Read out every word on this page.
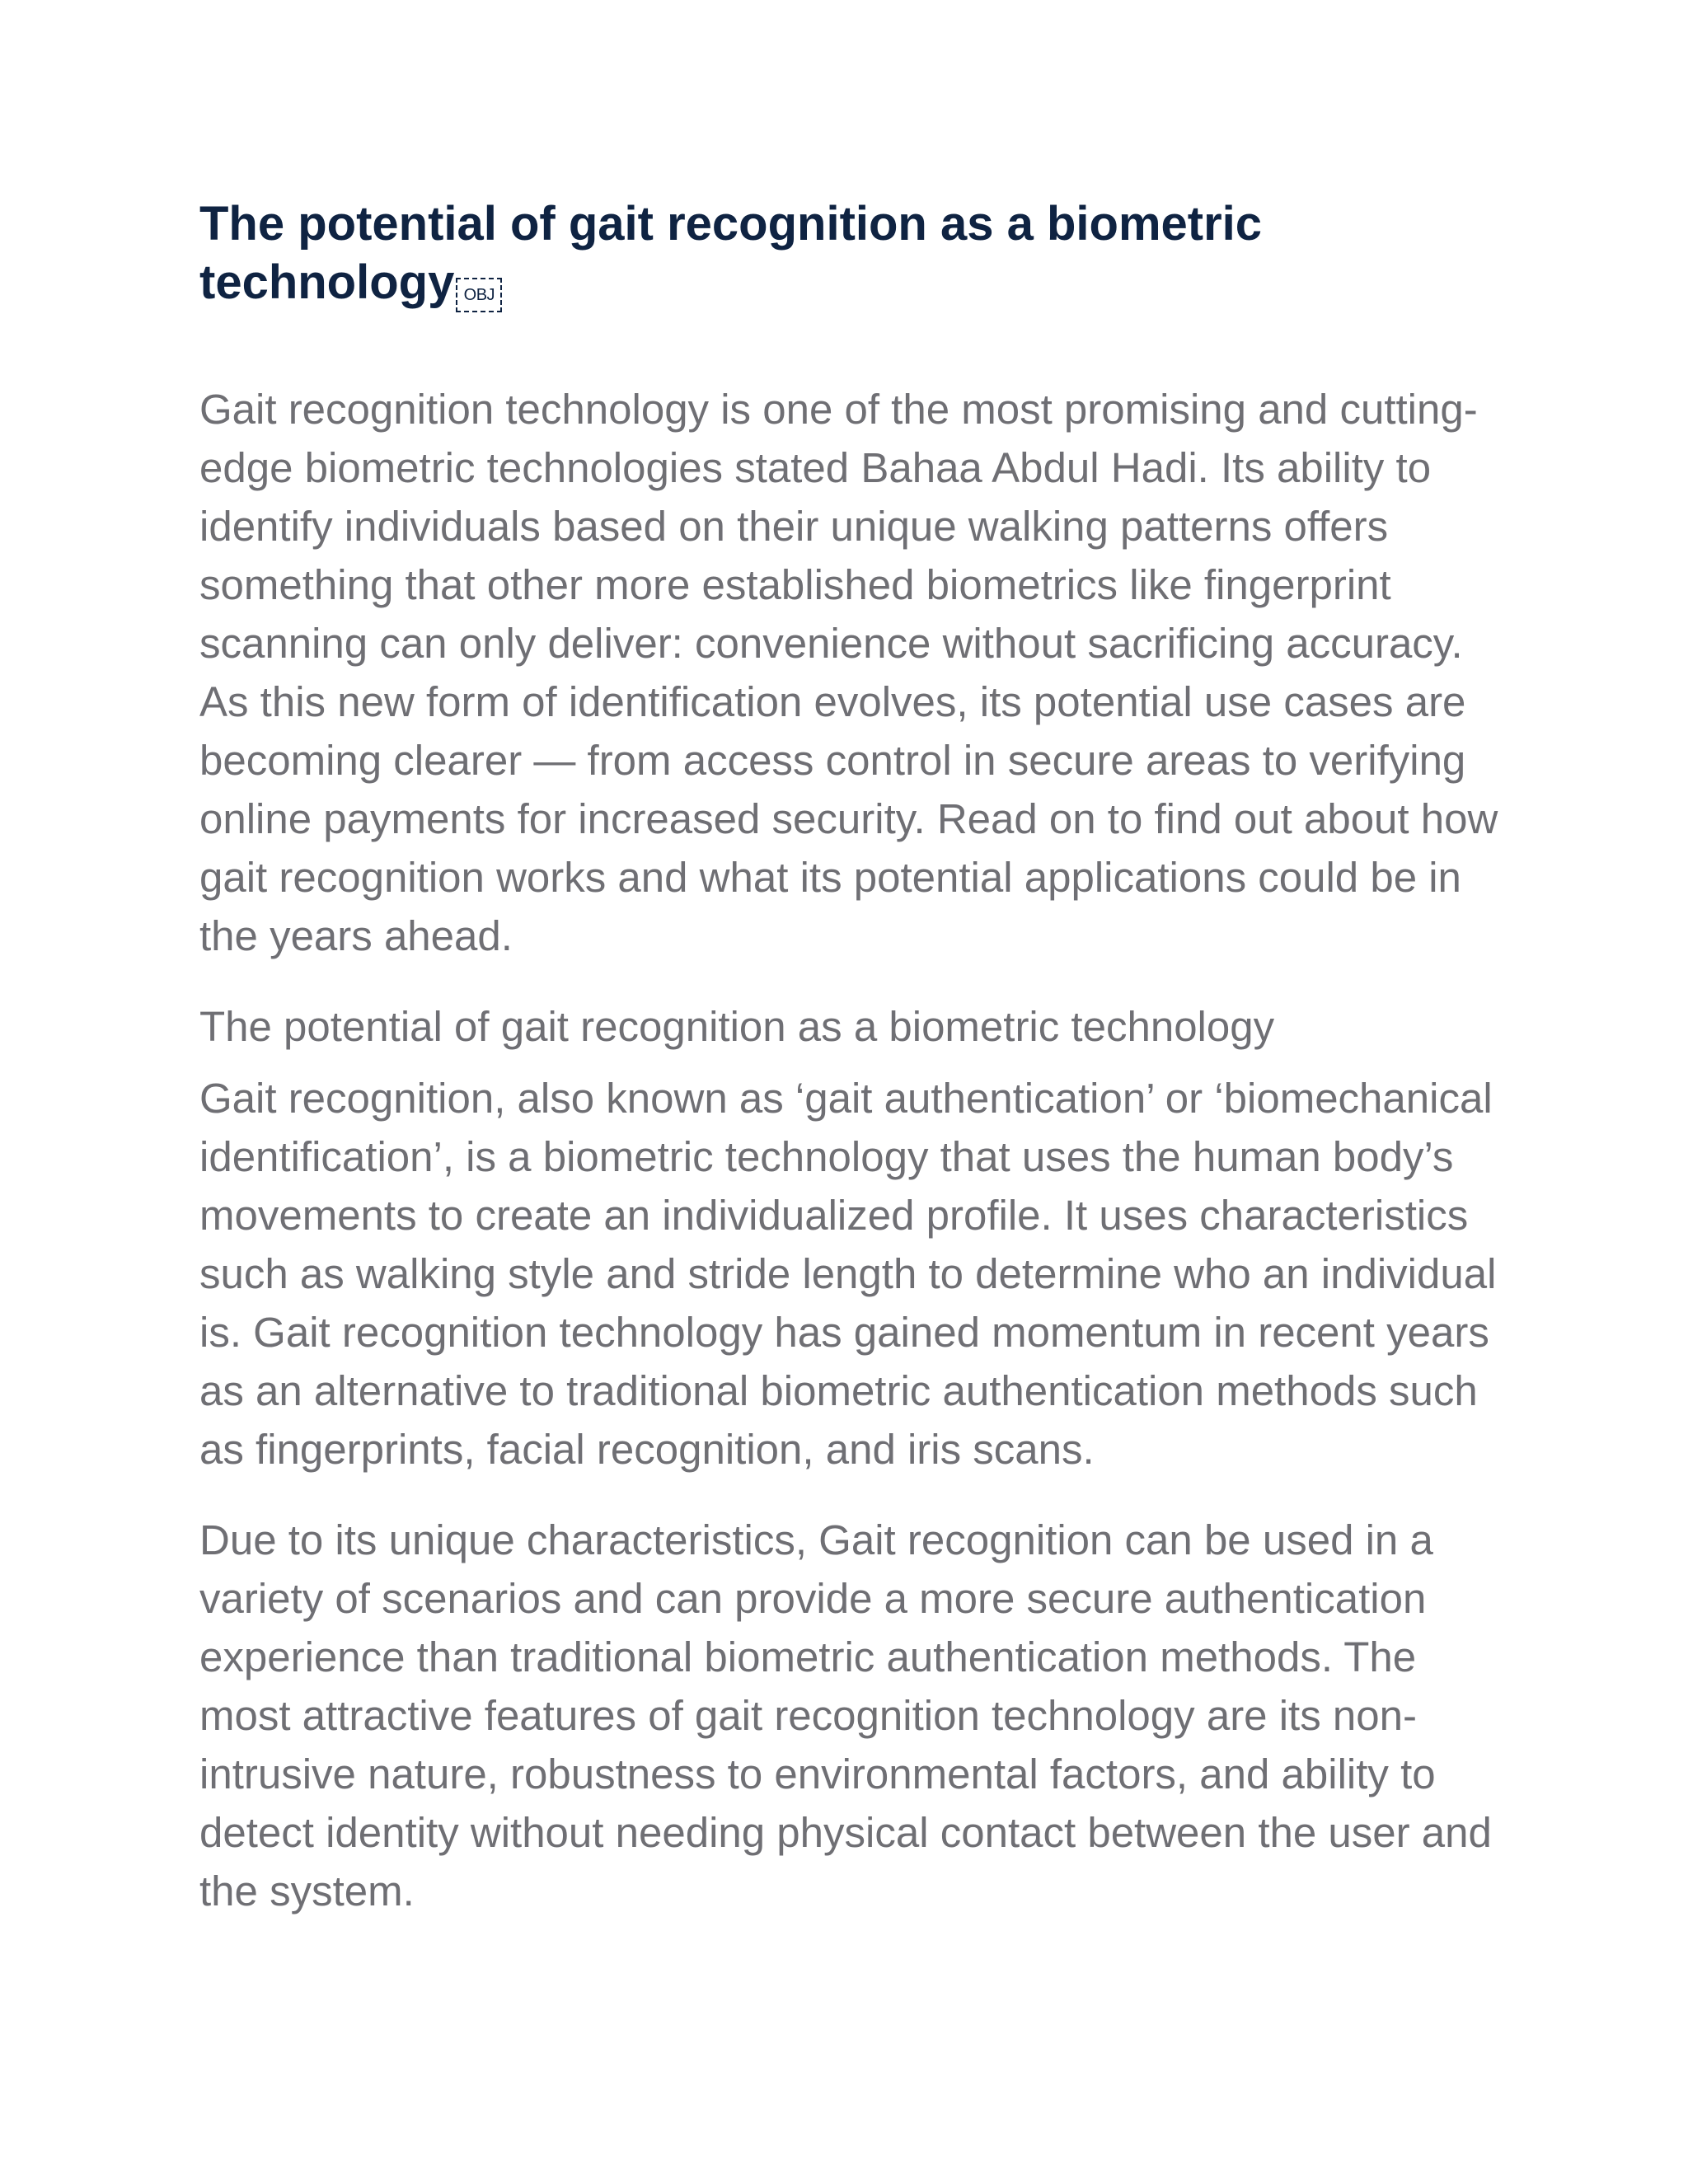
The potential of gait recognition as a biometric technology OBJ

Gait recognition technology is one of the most promising and cutting-edge biometric technologies stated Bahaa Abdul Hadi. Its ability to identify individuals based on their unique walking patterns offers something that other more established biometrics like fingerprint scanning can only deliver: convenience without sacrificing accuracy. As this new form of identification evolves, its potential use cases are becoming clearer — from access control in secure areas to verifying online payments for increased security. Read on to find out about how gait recognition works and what its potential applications could be in the years ahead.

The potential of gait recognition as a biometric technology

Gait recognition, also known as ‘gait authentication’ or ‘biomechanical identification’, is a biometric technology that uses the human body’s movements to create an individualized profile. It uses characteristics such as walking style and stride length to determine who an individual is. Gait recognition technology has gained momentum in recent years as an alternative to traditional biometric authentication methods such as fingerprints, facial recognition, and iris scans.

Due to its unique characteristics, Gait recognition can be used in a variety of scenarios and can provide a more secure authentication experience than traditional biometric authentication methods. The most attractive features of gait recognition technology are its non-intrusive nature, robustness to environmental factors, and ability to detect identity without needing physical contact between the user and the system.
